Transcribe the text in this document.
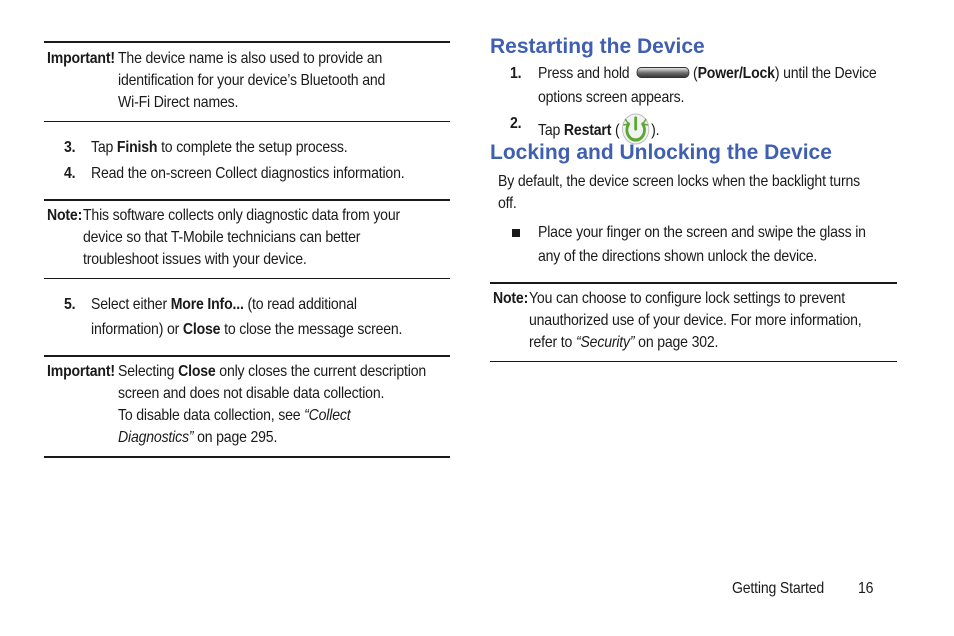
Important! The device name is also used to provide an
identification for your device’s Bluetooth and
Wi-Fi Direct names.
3. Tap Finish to complete the setup process.
4. Read the on-screen Collect diagnostics information.
Note: This software collects only diagnostic data from your
device so that T-Mobile technicians can better
troubleshoot issues with your device.
5. Select either More Info... (to read additional
information) or Close to close the message screen.
Important! Selecting Close only closes the current description
screen and does not disable data collection.
To disable data collection, see “Collect
Diagnostics” on page 295.
Restarting the Device
1. Press and hold	(Power/Lock) until the Device
options screen appears.
2. Tap Restart ( ).
Locking and Unlocking the Device
By default, the device screen locks when the backlight turns
off.
Place your finger on the screen and swipe the glass in
any of the directions shown unlock the device.
Note: You can choose to configure lock settings to prevent
unauthorized use of your device. For more information,
refer to “Security” on page 302.
Getting Started 16
